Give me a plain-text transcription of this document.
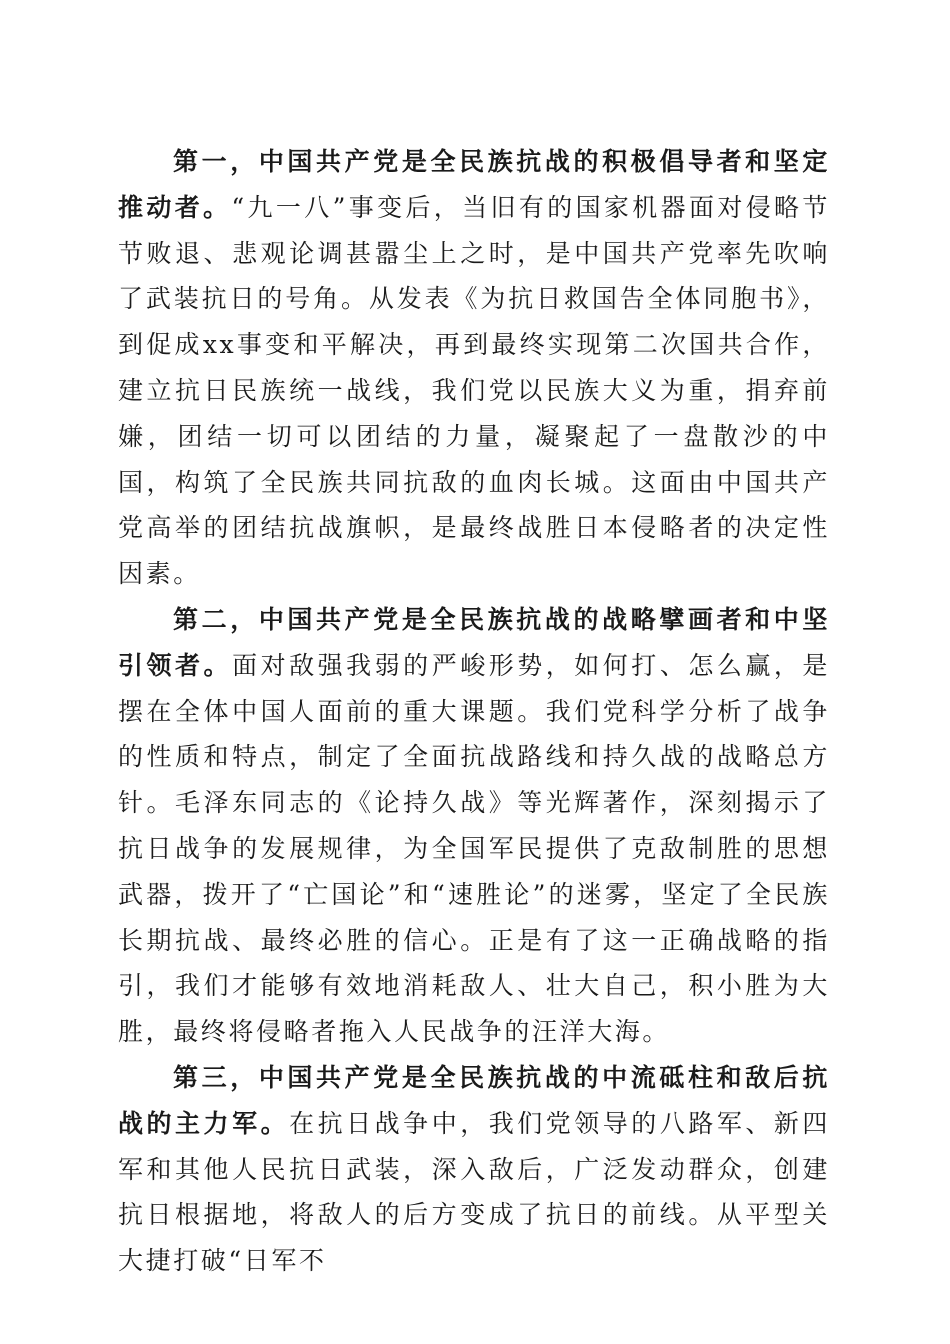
第一，中国共产党是全民族抗战的积极倡导者和坚定推动者。“九一八”事变后，当旧有的国家机器面对侵略节节败退、悲观论调甚嚣尘上之时，是中国共产党率先吹响了武装抗日的号角。从发表《为抗日救国告全体同胞书》，到促成xx事变和平解决，再到最终实现第二次国共合作，建立抗日民族统一战线，我们党以民族大义为重，捐弃前嫌，团结一切可以团结的力量，凝聚起了一盘散沙的中国，构筑了全民族共同抗敌的血肉长城。这面由中国共产党高举的团结抗战旗帜，是最终战胜日本侵略者的决定性因素。

第二，中国共产党是全民族抗战的战略擘画者和中坚引领者。面对敌强我弱的严峻形势，如何打、怎么赢，是摆在全体中国人面前的重大课题。我们党科学分析了战争的性质和特点，制定了全面抗战路线和持久战的战略总方针。毛泽东同志的《论持久战》等光辉著作，深刻揭示了抗日战争的发展规律，为全国军民提供了克敌制胜的思想武器，拨开了“亡国论”和“速胜论”的迷雾，坚定了全民族长期抗战、最终必胜的信心。正是有了这一正确战略的指引，我们才能够有效地消耗敌人、壮大自己，积小胜为大胜，最终将侵略者拖入人民战争的汪洋大海。

第三，中国共产党是全民族抗战的中流砥柱和敌后抗战的主力军。在抗日战争中，我们党领导的八路军、新四军和其他人民抗日武装，深入敌后，广泛发动群众，创建抗日根据地，将敌人的后方变成了抗日的前线。从平型关大捷打破“日军不
